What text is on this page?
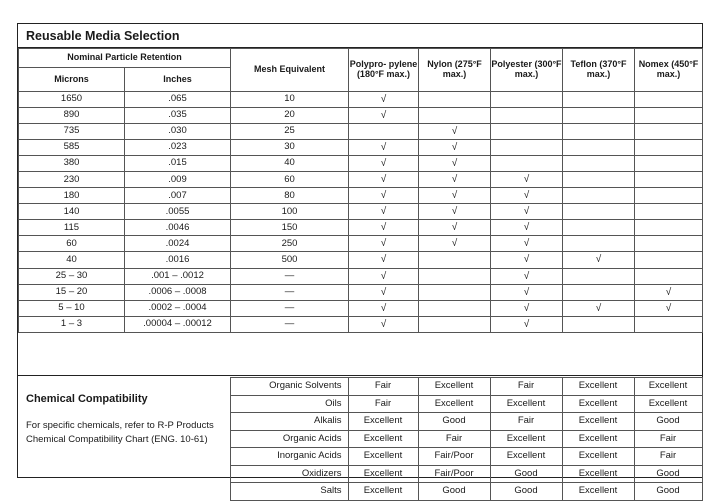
Reusable Media Selection
Nominal Particle Retention		Mesh Equivalent	Polypro- pylene (180°F max.)	Nylon (275°F max.)	Polyester (300°F max.)	Teflon (370°F max.)	Nomex (450°F max.)
Microns	Inches						
1650	.065	10	√				
890	.035	20	√				
735	.030	25		√			
585	.023	30	√	√			
380	.015	40	√	√			
230	.009	60	√	√	√		
180	.007	80	√	√	√		
140	.0055	100	√	√	√		
115	.0046	150	√	√	√		
60	.0024	250	√	√	√		
40	.0016	500	√		√	√	
25 – 30	.001 – .0012	—	√		√		
15 – 20	.0006 – .0008	—	√		√		√
5 – 10	.0002 – .0004	—	√		√	√	√
1 – 3	.00004 – .00012	—	√		√		
Chemical Compatibility
For specific chemicals, refer to R-P Products Chemical Compatibility Chart (ENG. 10-61)	Organic Solvents	Fair	Excellent	Fair	Excellent	Excellent
	Oils	Fair	Excellent	Excellent	Excellent	Excellent
	Alkalis	Excellent	Good	Fair	Excellent	Good
	Organic Acids	Excellent	Fair	Excellent	Excellent	Fair
	Inorganic Acids	Excellent	Fair/Poor	Excellent	Excellent	Fair
	Oxidizers	Excellent	Fair/Poor	Good	Excellent	Good
	Salts	Excellent	Good	Good	Excellent	Good
